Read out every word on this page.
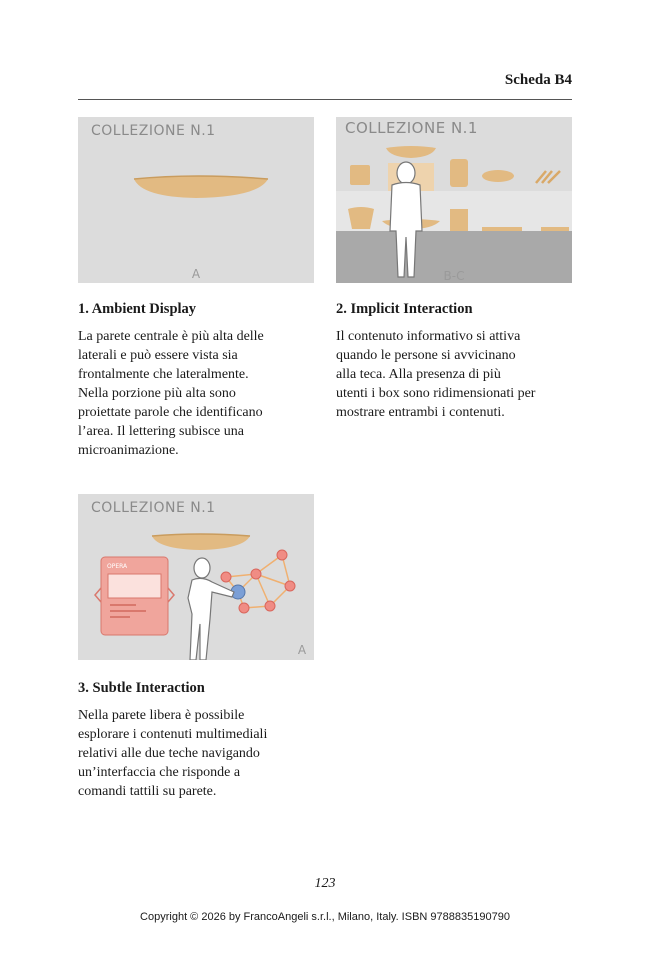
Scheda B4
COLLEZIONE N.1
A
COLLEZIONE N.1
B-C
1. Ambient Display
La parete centrale è più alta delle
laterali e può essere vista sia
frontalmente che lateralmente.
Nella porzione più alta sono
proiettate parole che identificano
l’area. Il lettering subisce una
microanimazione.
2. Implicit Interaction
Il contenuto informativo si attiva
quando le persone si avvicinano
alla teca. Alla presenza di più
utenti i box sono ridimensionati per
mostrare entrambi i contenuti.
COLLEZIONE N.1
OPERA
A
3. Subtle Interaction
Nella parete libera è possibile
esplorare i contenuti multimediali
relativi alle due teche navigando
un’interfaccia che risponde a
comandi tattili su parete.
123
Copyright © 2026 by FrancoAngeli s.r.l., Milano, Italy. ISBN 9788835190790
